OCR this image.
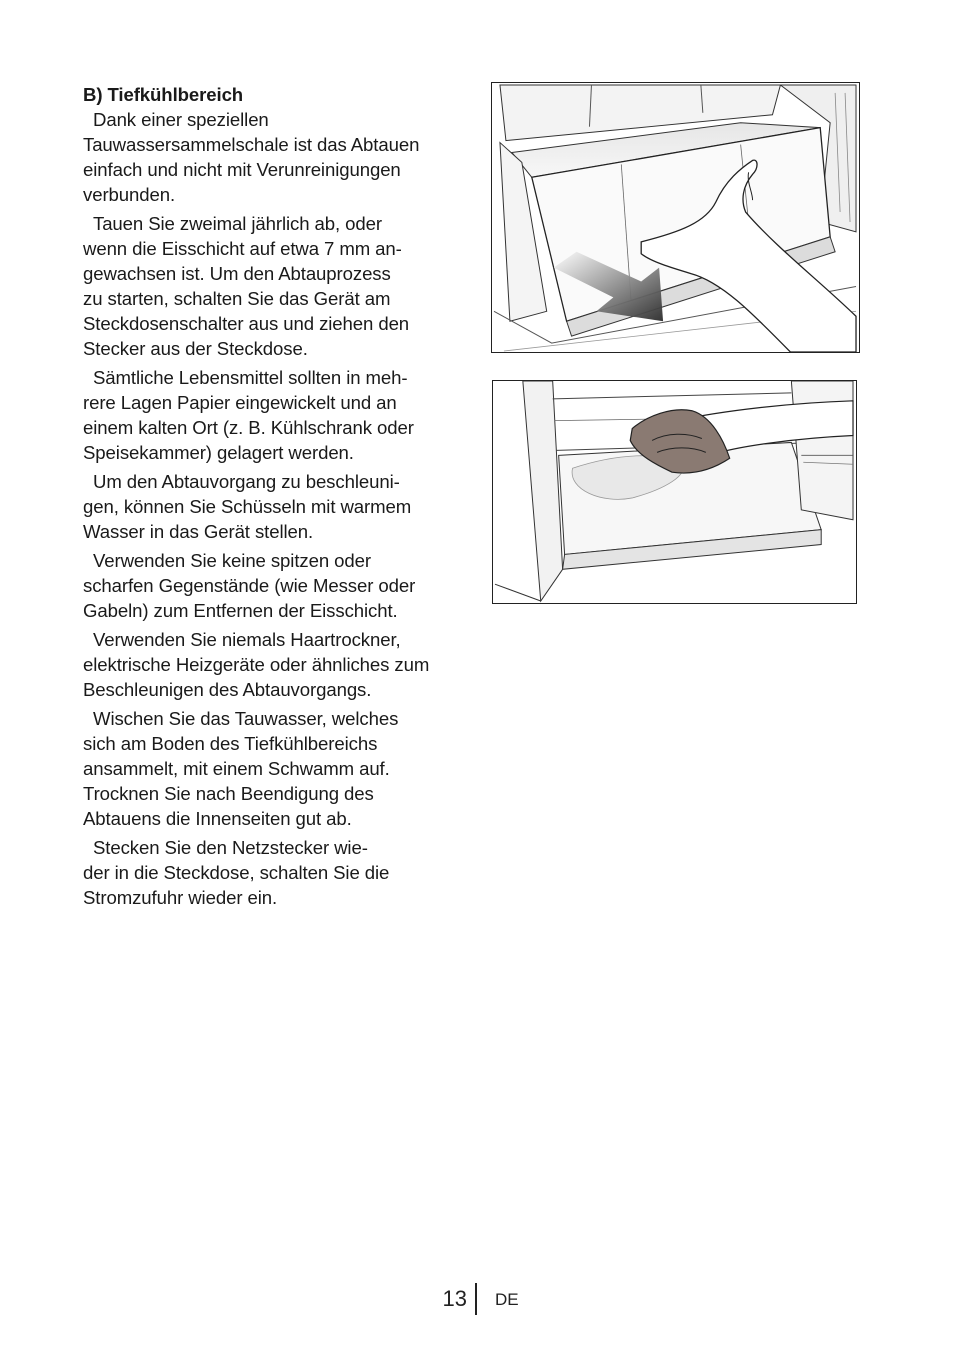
B) Tiefkühlbereich

Dank einer speziellen
Tauwassersammelschale ist das Abtauen
einfach und nicht mit Verunreinigungen
verbunden.

Tauen Sie zweimal jährlich ab, oder
wenn die Eisschicht auf etwa 7 mm an-
gewachsen ist. Um den Abtauprozess
zu starten, schalten Sie das Gerät am
Steckdosenschalter aus und ziehen den
Stecker aus der Steckdose.

Sämtliche Lebensmittel sollten in meh-
rere Lagen Papier eingewickelt und an
einem kalten Ort (z. B. Kühlschrank oder
Speisekammer) gelagert werden.

Um den Abtauvorgang zu beschleuni-
gen, können Sie Schüsseln mit warmem
Wasser in das Gerät stellen.

Verwenden Sie keine spitzen oder
scharfen Gegenstände (wie Messer oder
Gabeln) zum Entfernen der Eisschicht.

Verwenden Sie niemals Haartrockner,
elektrische Heizgeräte oder ähnliches zum
Beschleunigen des Abtauvorgangs.

Wischen Sie das Tauwasser, welches
sich am Boden des Tiefkühlbereichs
ansammelt, mit einem Schwamm auf.
Trocknen Sie nach Beendigung des
Abtauens die Innenseiten gut ab.

Stecken Sie den Netzstecker wie-
der in die Steckdose, schalten Sie die
Stromzufuhr wieder ein.

13 DE
